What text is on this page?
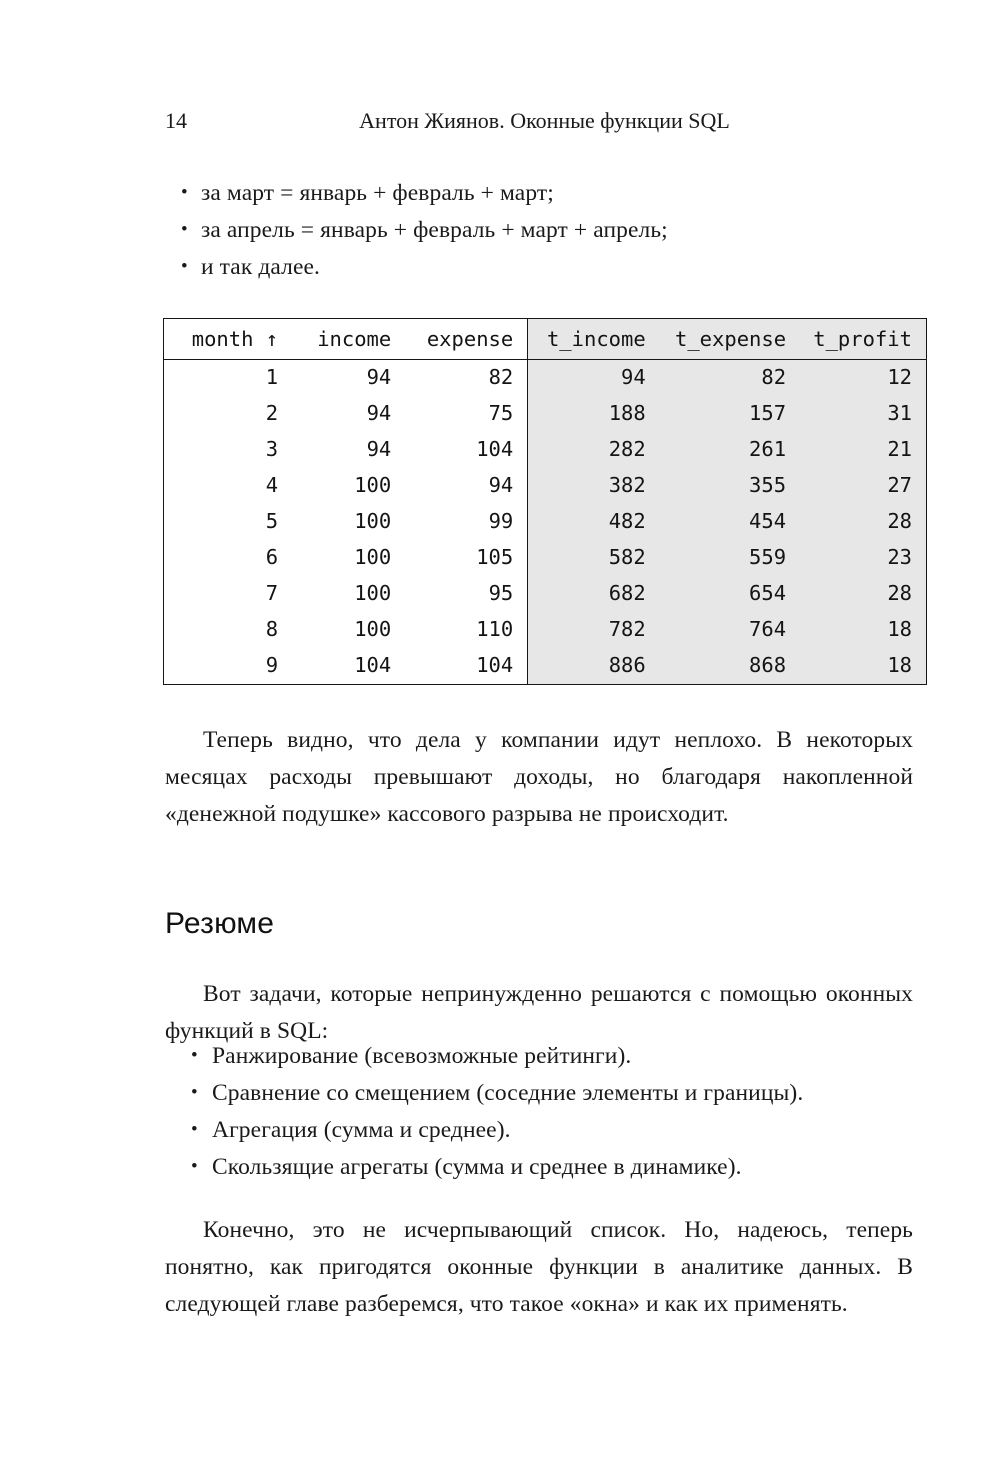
14	Антон Жиянов. Оконные функции SQL
• за март = январь + февраль + март;
• за апрель = январь + февраль + март + апрель;
• и так далее.
month ↑	income	expense	t_income	t_expense	t_profit
1	94	82	94	82	12
2	94	75	188	157	31
3	94	104	282	261	21
4	100	94	382	355	27
5	100	99	482	454	28
6	100	105	582	559	23
7	100	95	682	654	28
8	100	110	782	764	18
9	104	104	886	868	18

Теперь видно, что дела у компании идут неплохо. В некоторых месяцах расходы превышают доходы, но благодаря накопленной «денежной подушке» кассового разрыва не происходит.

Резюме

Вот задачи, которые непринужденно решаются с помощью оконных функций в SQL:

• Ранжирование (всевозможные рейтинги).
• Сравнение со смещением (соседние элементы и границы).
• Агрегация (сумма и среднее).
• Скользящие агрегаты (сумма и среднее в динамике).

Конечно, это не исчерпывающий список. Но, надеюсь, теперь понятно, как пригодятся оконные функции в аналитике данных. В следующей главе разберемся, что такое «окна» и как их применять.
